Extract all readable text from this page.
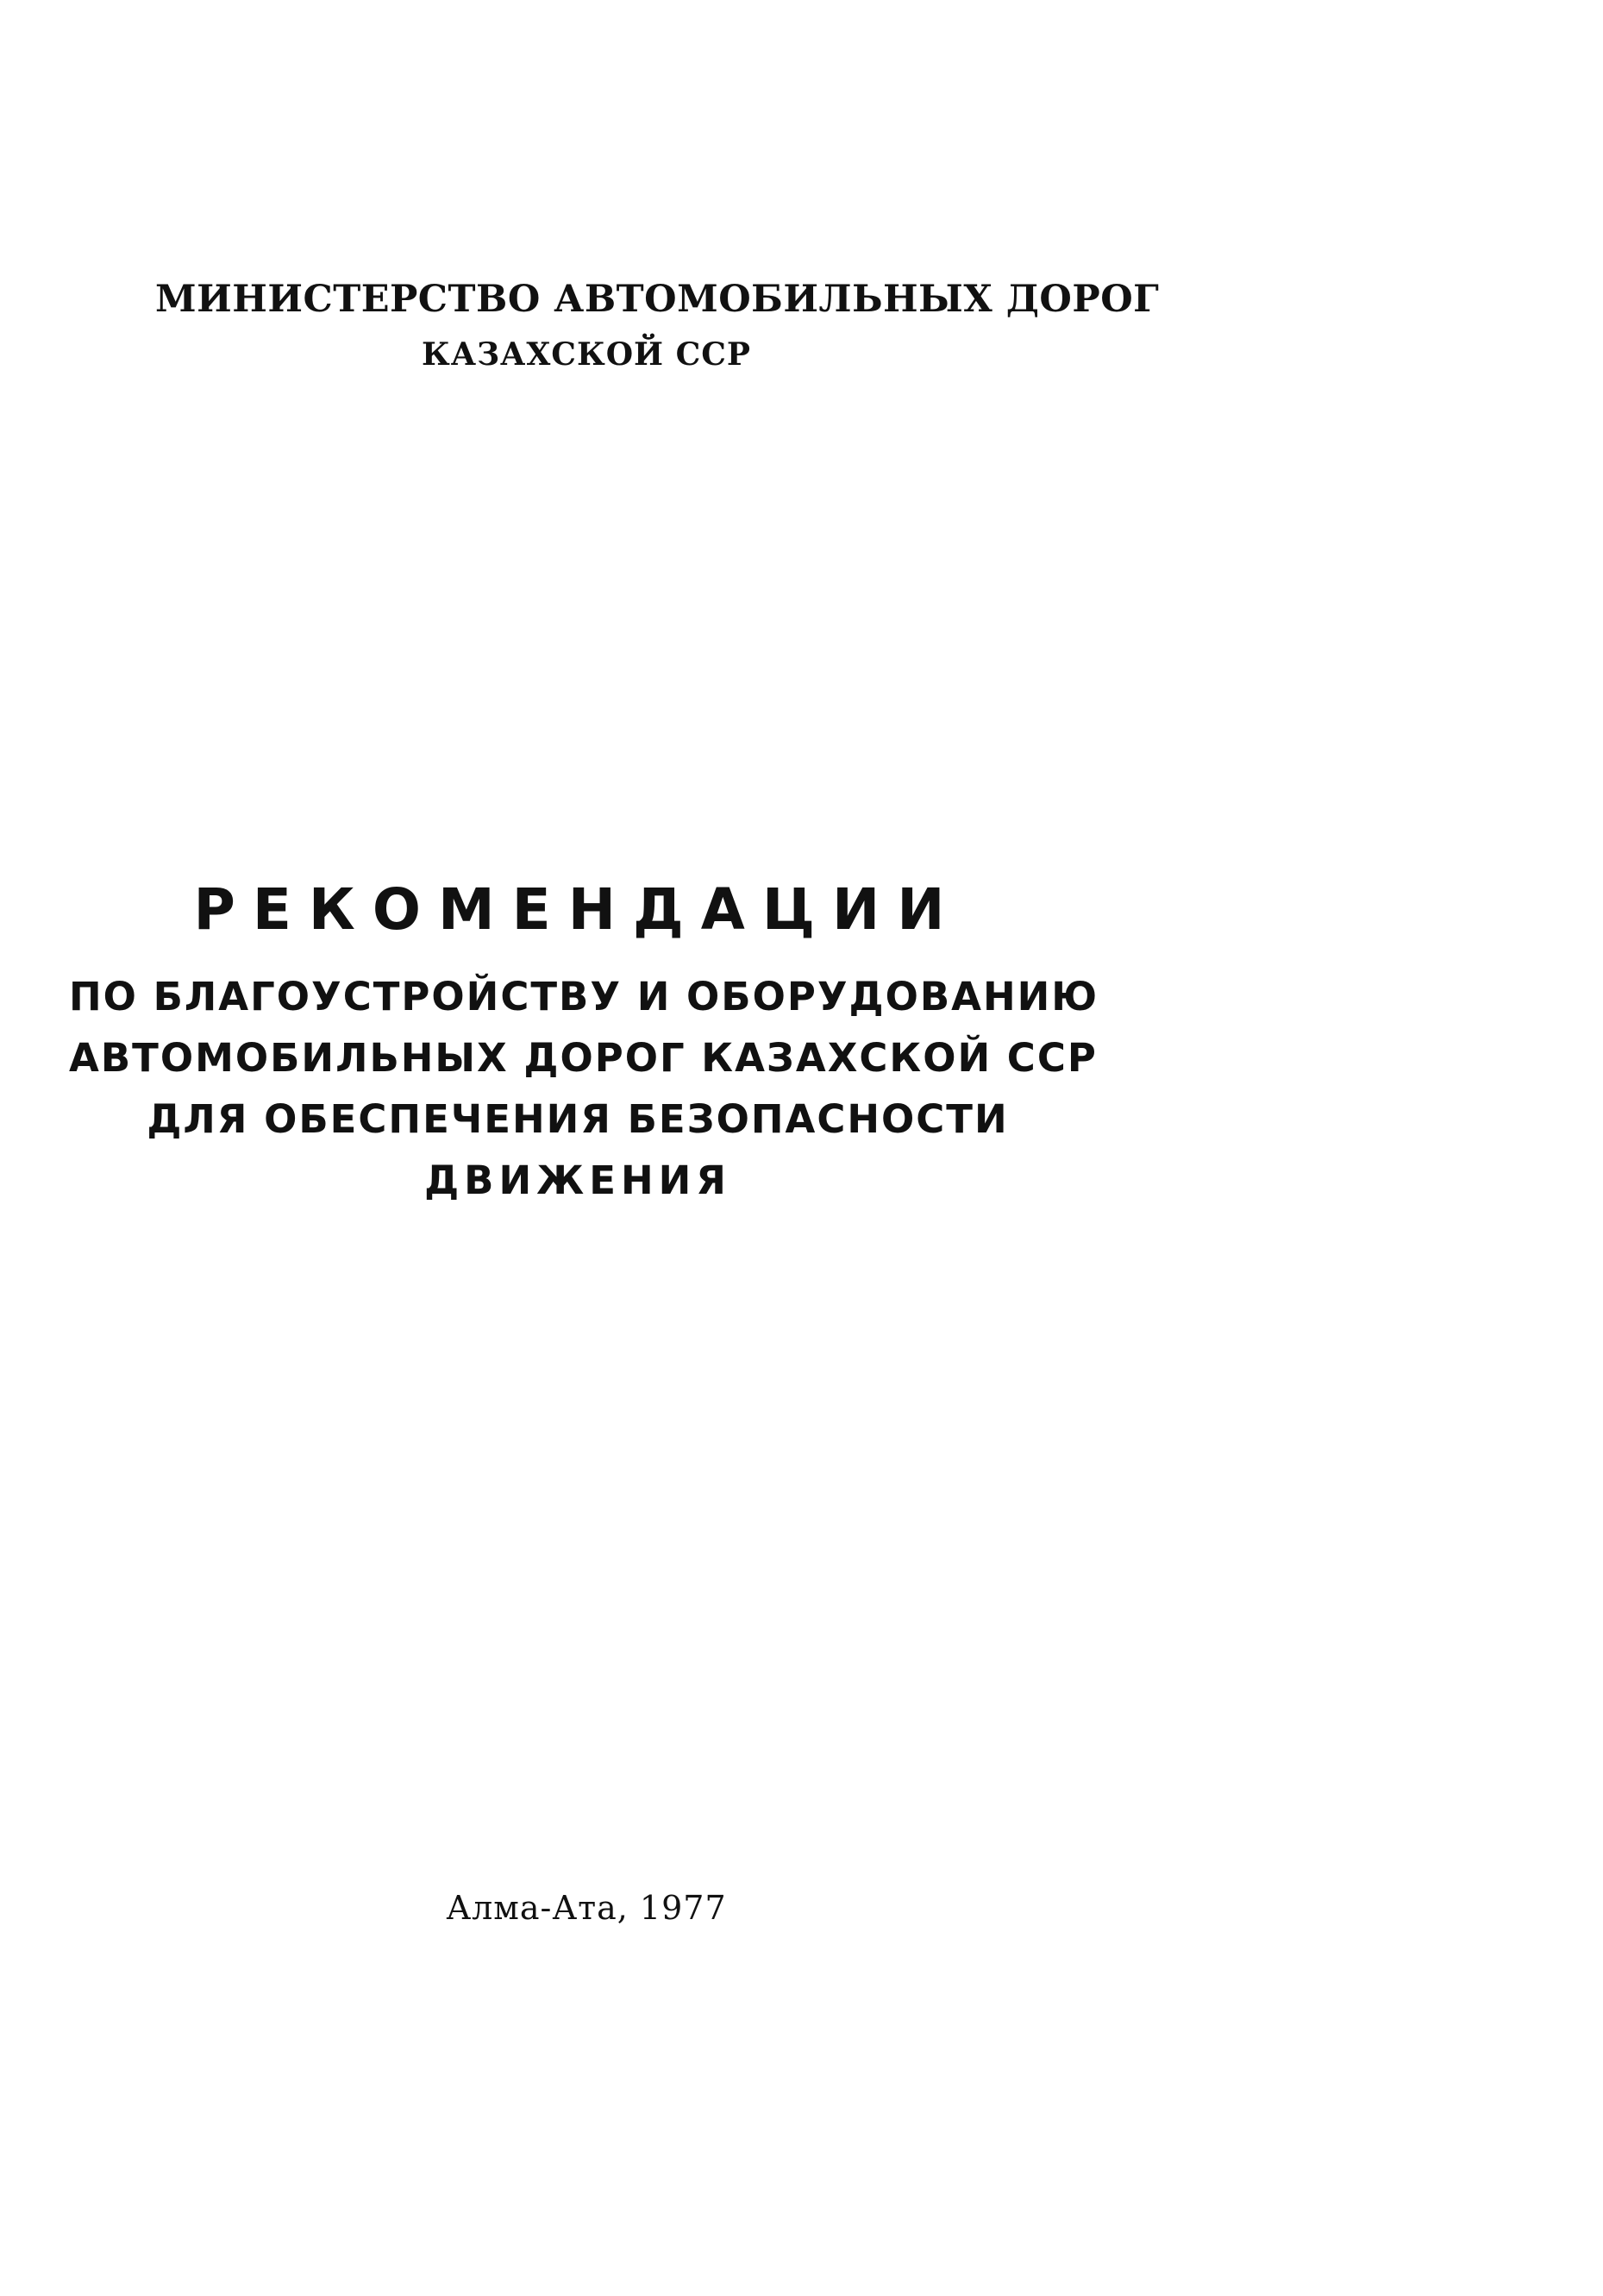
МИНИСТЕРСТВО АВТОМОБИЛЬНЫХ ДОРОГ
КАЗАХСКОЙ ССР
РЕКОМЕНДАЦИИ
ПО БЛАГОУСТРОЙСТВУ И ОБОРУДОВАНИЮ
АВТОМОБИЛЬНЫХ ДОРОГ КАЗАХСКОЙ ССР
ДЛЯ ОБЕСПЕЧЕНИЯ БЕЗОПАСНОСТИ
ДВИЖЕНИЯ
Алма-Ата, 1977
